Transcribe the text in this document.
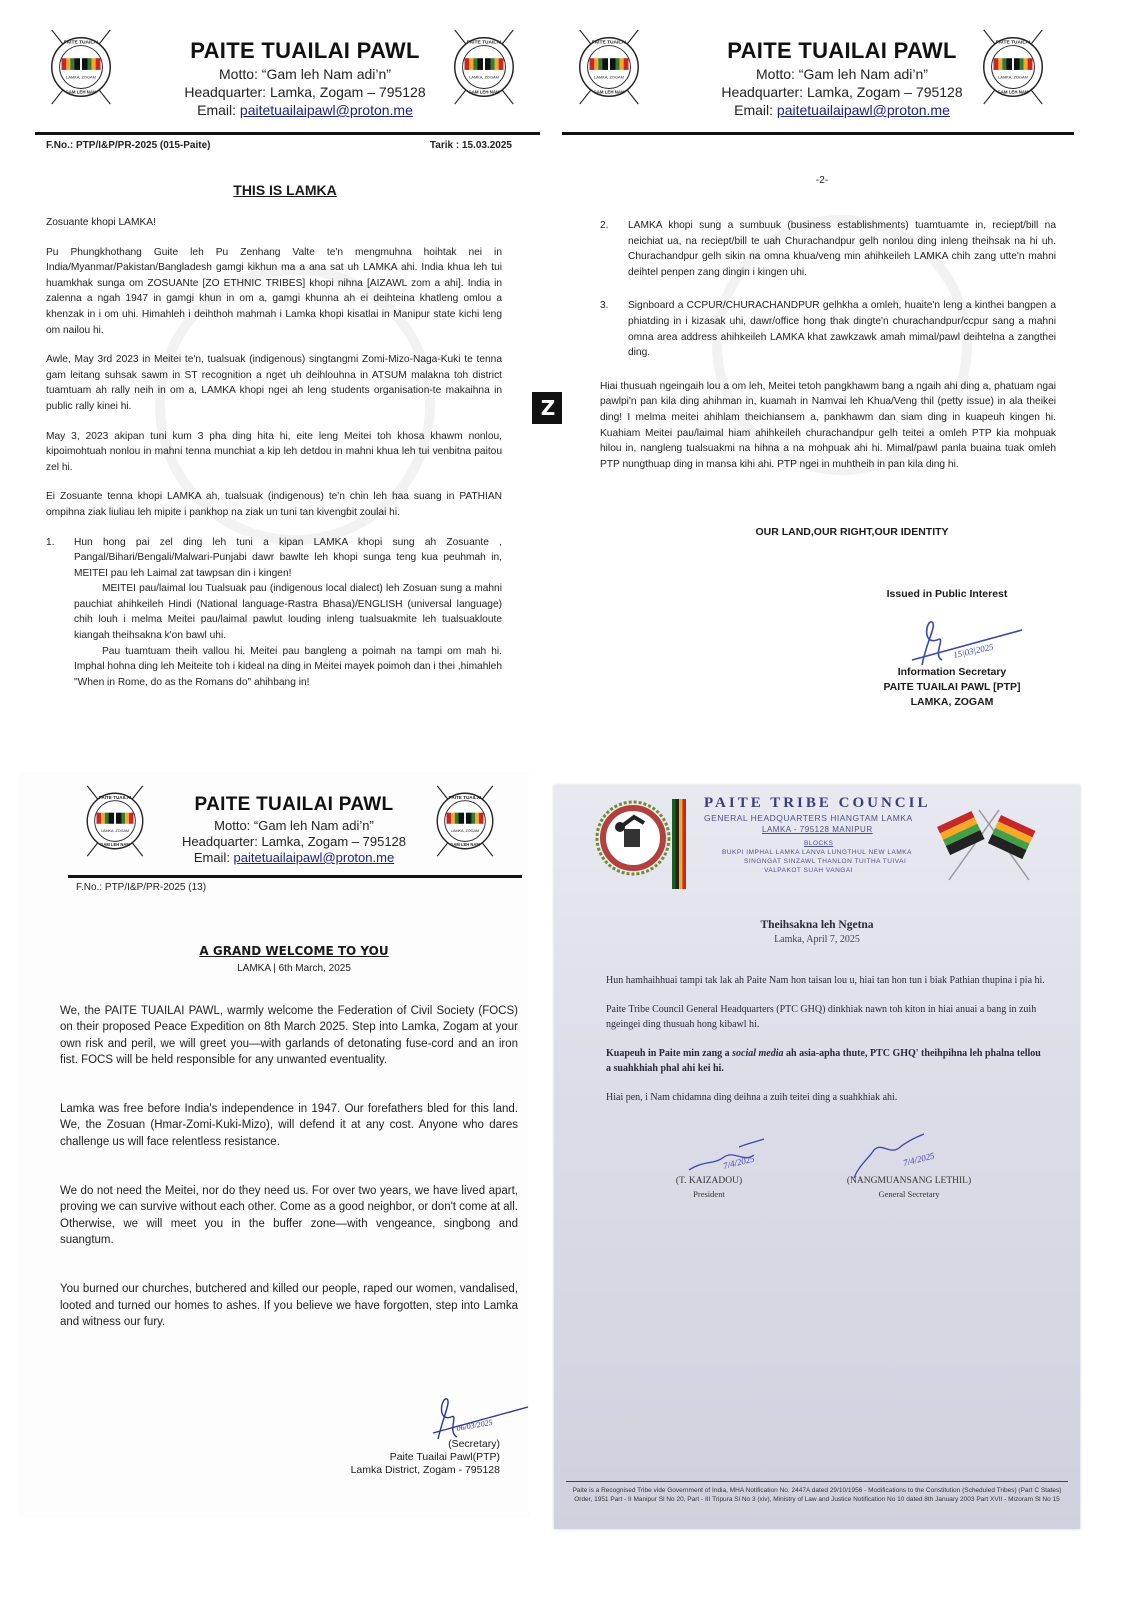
PAITE TUAILAI PAWL
Motto: “Gam leh Nam adi’n”
Headquarter: Lamka, Zogam – 795128
Email: paitetuailaipawl@proton.me
F.No.: PTP/I&P/PR-2025 (015-Paite)	Tarik : 15.03.2025
THIS IS LAMKA

Zosuante khopi LAMKA!

Pu Phungkhothang Guite leh Pu Zenhang Valte te'n mengmuhna hoihtak nei in India/Myanmar/Pakistan/Bangladesh gamgi kikhun ma a ana sat uh LAMKA ahi. India khua leh tui huamkhak sunga om ZOSUANte [ZO ETHNIC TRIBES] khopi nihna [AIZAWL zom a ahi]. India in zalenna a ngah 1947 in gamgi khun in om a, gamgi khunna ah ei deihteina khatleng omlou a khenzak in i om uhi. Himahleh i deihthoh mahmah i Lamka khopi kisatlai in Manipur state kichi leng om nailou hi.

Awle, May 3rd 2023 in Meitei te'n, tualsuak (indigenous) singtangmi Zomi-Mizo-Naga-Kuki te tenna gam leitang suhsak sawm in ST recognition a nget uh deihlouhna in ATSUM malakna toh district tuamtuam ah rally neih in om a, LAMKA khopi ngei ah leng students organisation-te makaihna in public rally kinei hi.

May 3, 2023 akipan tuni kum 3 pha ding hita hi, eite leng Meitei toh khosa khawm nonlou, kipoimohtuah nonlou in mahni tenna munchiat a kip leh detdou in mahni khua leh tui venbitna paitou zel hi.

Ei Zosuante tenna khopi LAMKA ah, tualsuak (indigenous) te'n chin leh haa suang in PATHIAN ompihna ziak liuliau leh mipite i pankhop na ziak un tuni tan kivengbit zoulai hi.

1.	Hun hong pai zel ding leh tuni a kipan LAMKA khopi sung ah Zosuante , Pangal/Bihari/Bengali/Malwari-Punjabi dawr bawlte leh khopi sunga teng kua peuhmah in, MEITEI pau leh Laimal zat tawpsan din i kingen!
MEITEI pau/laimal lou Tualsuak pau (indigenous local dialect) leh Zosuan sung a mahni pauchiat ahihkeileh Hindi (National language-Rastra Bhasa)/ENGLISH (universal language) chih louh i melma Meitei pau/laimal pawlut louding inleng tualsuakmite leh tualsuakloute kiangah theihsakna k'on bawl uhi.
Pau tuamtuam theih vallou hi. Meitei pau bangleng a poimah na tampi om mah hi. Imphal hohna ding leh Meiteite toh i kideal na ding in Meitei mayek poimoh dan i thei ,himahleh "When in Rome, do as the Romans do" ahihbang in!
Z
PAITE TUAILAI PAWL
Motto: “Gam leh Nam adi’n”
Headquarter: Lamka, Zogam – 795128
Email: paitetuailaipawl@proton.me
-2-
2.	LAMKA khopi sung a sumbuuk (business establishments) tuamtuamte in, reciept/bill na neichiat ua, na reciept/bill te uah Churachandpur gelh nonlou ding inleng theihsak na hi uh. Churachandpur gelh sikin na omna khua/veng min ahihkeileh LAMKA chih zang utte'n mahni deihtel penpen zang dingin i kingen uhi.
3.	Signboard a CCPUR/CHURACHANDPUR gelhkha a omleh, huaite'n leng a kinthei bangpen a phiatding in i kizasak uhi, dawr/office hong thak dingte'n churachandpur/ccpur sang a mahni omna area address ahihkeileh LAMKA khat zawkzawk amah mimal/pawl deihtelna a zangthei ding.

Hiai thusuah ngeingaih lou a om leh, Meitei tetoh pangkhawm bang a ngaih ahi ding a, phatuam ngai pawlpi'n pan kila ding ahihman in, kuamah in Namvai leh Khua/Veng thil (petty issue) in ala theikei ding! I melma meitei ahihlam theichiansem a, pankhawm dan siam ding in kuapeuh kingen hi. Kuahiam Meitei pau/laimal hiam ahihkeileh churachandpur gelh teitei a omleh PTP kia mohpuak hilou in, nangleng tualsuakmi na hihna a na mohpuak ahi hi. Mimal/pawl panla buaina tuak omleh PTP nungthuap ding in mansa kihi ahi. PTP ngei in muhtheih in pan kila ding hi.

OUR LAND,OUR RIGHT,OUR IDENTITY
Issued in Public Interest
15|03|2025
Information Secretary
PAITE TUAILAI PAWL [PTP]
LAMKA, ZOGAM
PAITE TUAILAI PAWL
Motto: “Gam leh Nam adi’n”
Headquarter: Lamka, Zogam – 795128
Email: paitetuailaipawl@proton.me
F.No.: PTP/I&P/PR-2025 (13)
A GRAND WELCOME TO YOU
LAMKA | 6th March, 2025

We, the PAITE TUAILAI PAWL, warmly welcome the Federation of Civil Society (FOCS) on their proposed Peace Expedition on 8th March 2025. Step into Lamka, Zogam at your own risk and peril, we will greet you—with garlands of detonating fuse-cord and an iron fist. FOCS will be held responsible for any unwanted eventuality.

Lamka was free before India's independence in 1947. Our forefathers bled for this land. We, the Zosuan (Hmar-Zomi-Kuki-Mizo), will defend it at any cost. Anyone who dares challenge us will face relentless resistance.

We do not need the Meitei, nor do they need us. For over two years, we have lived apart, proving we can survive without each other. Come as a good neighbor, or don't come at all. Otherwise, we will meet you in the buffer zone—with vengeance, singbong and suangtum.

You burned our churches, butchered and killed our people, raped our women, vandalised, looted and turned our homes to ashes. If you believe we have forgotten, step into Lamka and witness our fury.

06/03/2025
(Secretary)
Paite Tuailai Pawl(PTP)
Lamka District, Zogam - 795128
PAITE TRIBE COUNCIL
GENERAL HEADQUARTERS HIANGTAM LAMKA
LAMKA - 795128 MANIPUR
BLOCKS
BUKPI IMPHAL LAMKA LANVA LUNGTHUL NEW LAMKA
SINGNGAT SINZAWL THANLON TUITHA TUIVAI
VALPAKOT SUAH VANGAI
Theihsakna leh Ngetna
Lamka, April 7, 2025

Hun hamhaihhuai tampi tak lak ah Paite Nam hon taisan lou u, hiai tan hon tun i biak Pathian thupina i pia hi.

Paite Tribe Council General Headquarters (PTC GHQ) dinkhiak nawn toh kiton in hiai anuai a bang in zuih ngeingei ding thusuah hong kibawl hi.

Kuapeuh in Paite min zang a social media ah asia-apha thute, PTC GHQ' theihpihna leh phalna tellou a suahkhiah phal ahi kei hi.

Hiai pen, i Nam chidamna ding deihna a zuih teitei ding a suahkhiak ahi.

7/4/2025	7/4/2025
(T. KAIZADOU)
President
(NANGMUANSANG LETHIL)
General Secretary
Paite is a Recognised Tribe vide Government of India, MHA Notification No. 2447A dated 29/10/1956 - Modifications to the Constitution (Scheduled Tribes) (Part C States) Order, 1951 Part - II Manipur Sl No 20, Part - III Tripura Sl No 3 (xiv), Ministry of Law and Justice Notification No 10 dated 8th January 2003 Part XVII - Mizoram Sl No 15
